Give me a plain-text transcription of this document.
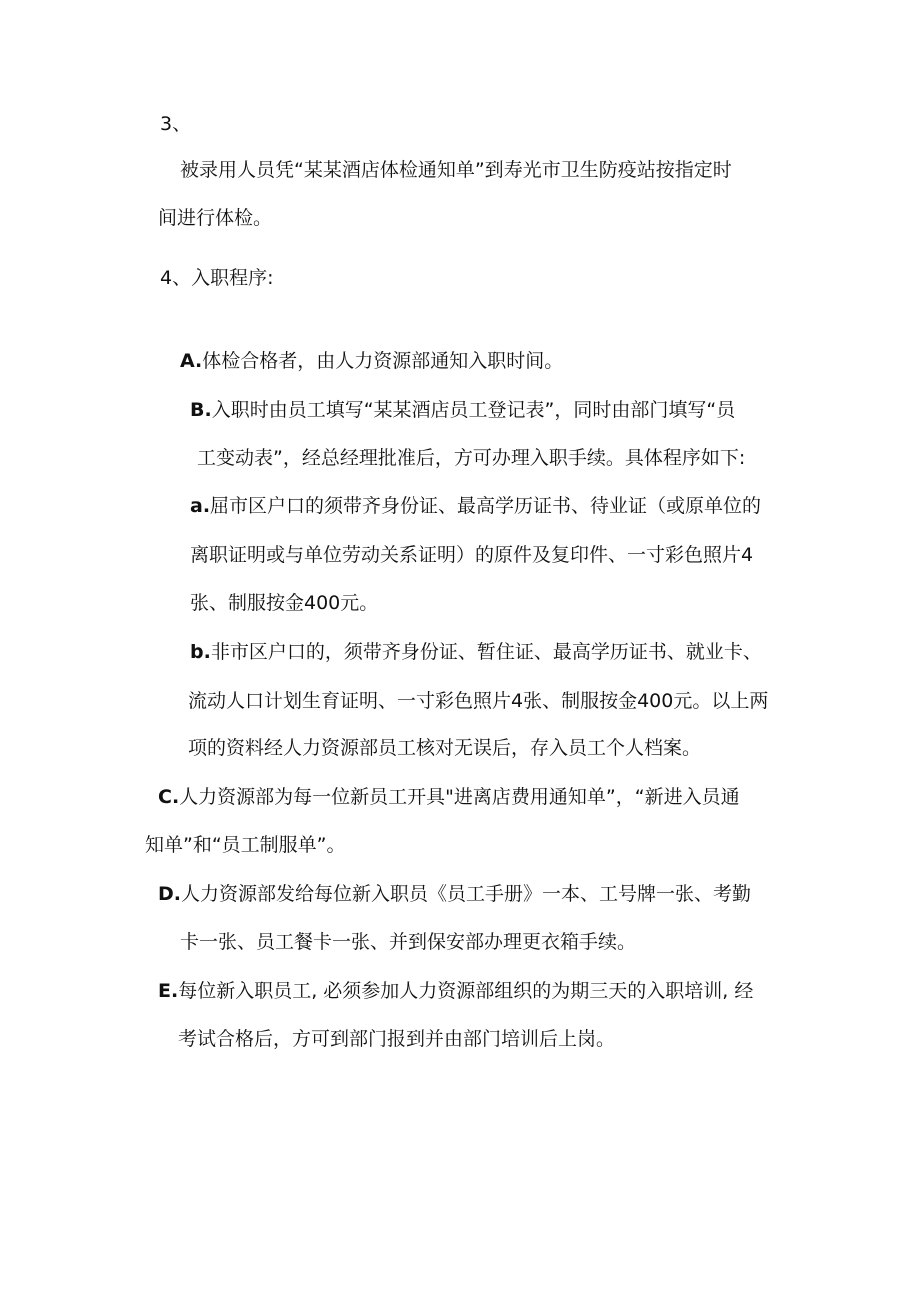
3、
被录用人员凭“某某酒店体检通知单”到寿光市卫生防疫站按指定时
间进行体检。
4、入职程序:
A.体检合格者，由人力资源部通知入职时间。
B.入职时由员工填写“某某酒店员工登记表”，同时由部门填写“员
工变动表”，经总经理批准后，方可办理入职手续。具体程序如下:
a.屈市区户口的须带齐身份证、最高学历证书、待业证（或原单位的
离职证明或与单位劳动关系证明）的原件及复印件、一寸彩色照片4
张、制服按金400元。
b.非市区户口的，须带齐身份证、暂住证、最高学历证书、就业卡、
流动人口计划生育证明、一寸彩色照片4张、制服按金400元。以上两
项的资料经人力资源部员工核对无误后，存入员工个人档案。
C.人力资源部为每一位新员工开具"进离店费用通知单”，“新进入员通
知单”和“员工制服单”。
D.人力资源部发给每位新入职员《员工手册》一本、工号牌一张、考勤
卡一张、员工餐卡一张、并到保安部办理更衣箱手续。
E.每位新入职员工, 必须参加人力资源部组织的为期三天的入职培训, 经
考试合格后，方可到部门报到并由部门培训后上岗。
